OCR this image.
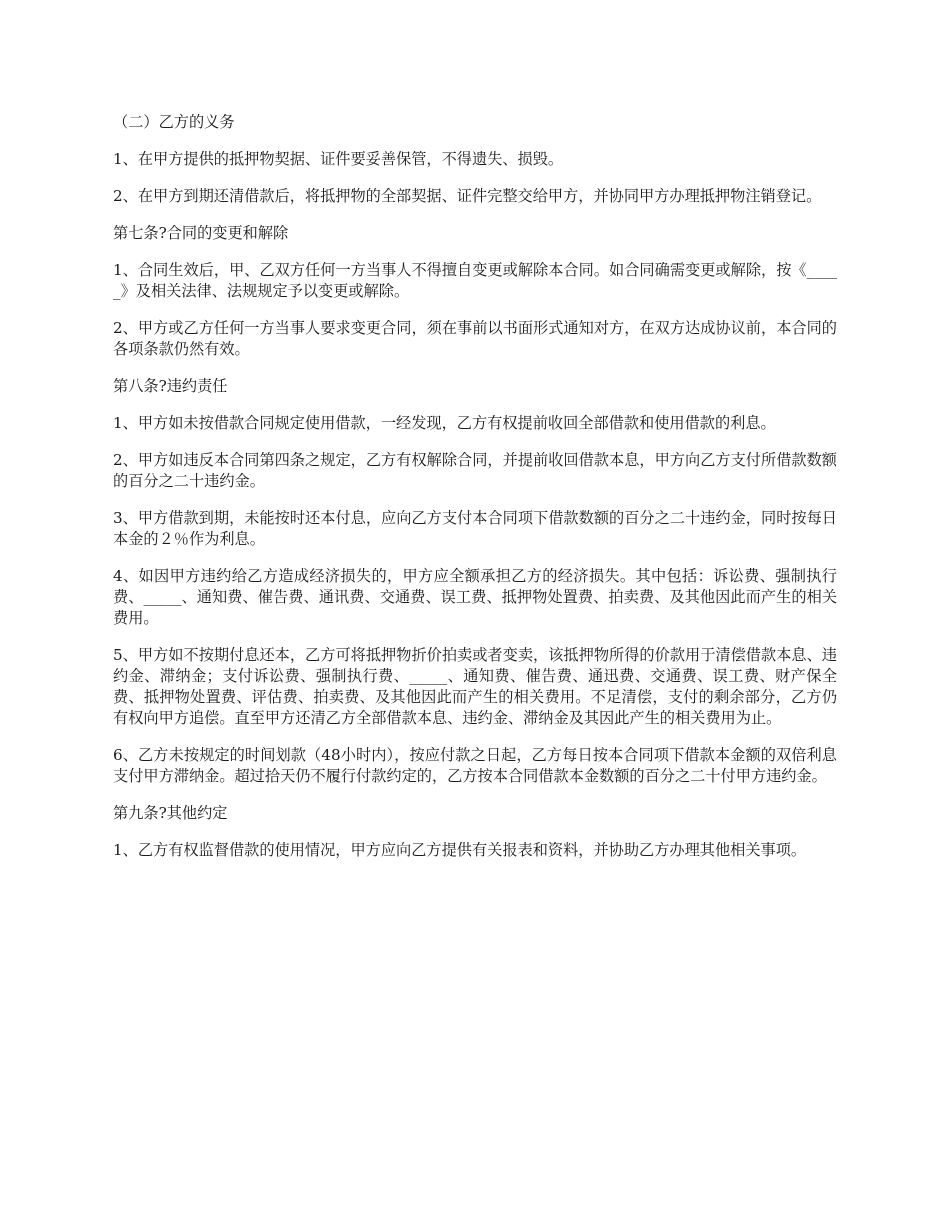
（二）乙方的义务

1、在甲方提供的抵押物契据、证件要妥善保管，不得遗失、损毁。

2、在甲方到期还清借款后，将抵押物的全部契据、证件完整交给甲方，并协同甲方办理抵押物注销登记。

第七条?合同的变更和解除

1、合同生效后，甲、乙双方任何一方当事人不得擅自变更或解除本合同。如合同确需变更或解除，按《_____》及相关法律、法规规定予以变更或解除。

2、甲方或乙方任何一方当事人要求变更合同，须在事前以书面形式通知对方，在双方达成协议前，本合同的各项条款仍然有效。

第八条?违约责任

1、甲方如未按借款合同规定使用借款，一经发现，乙方有权提前收回全部借款和使用借款的利息。

2、甲方如违反本合同第四条之规定，乙方有权解除合同，并提前收回借款本息，甲方向乙方支付所借款数额的百分之二十违约金。

3、甲方借款到期，未能按时还本付息，应向乙方支付本合同项下借款数额的百分之二十违约金，同时按每日本金的２％作为利息。

4、如因甲方违约给乙方造成经济损失的，甲方应全额承担乙方的经济损失。其中包括：诉讼费、强制执行费、_____、通知费、催告费、通讯费、交通费、误工费、抵押物处置费、拍卖费、及其他因此而产生的相关费用。

5、甲方如不按期付息还本，乙方可将抵押物折价拍卖或者变卖，该抵押物所得的价款用于清偿借款本息、违约金、滞纳金；支付诉讼费、强制执行费、_____、通知费、催告费、通迅费、交通费、误工费、财产保全费、抵押物处置费、评估费、拍卖费、及其他因此而产生的相关费用。不足清偿，支付的剩余部分，乙方仍有权向甲方追偿。直至甲方还清乙方全部借款本息、违约金、滞纳金及其因此产生的相关费用为止。

6、乙方未按规定的时间划款（48小时内），按应付款之日起，乙方每日按本合同项下借款本金额的双倍利息支付甲方滞纳金。超过拾天仍不履行付款约定的，乙方按本合同借款本金数额的百分之二十付甲方违约金。

第九条?其他约定

1、乙方有权监督借款的使用情况，甲方应向乙方提供有关报表和资料，并协助乙方办理其他相关事项。
